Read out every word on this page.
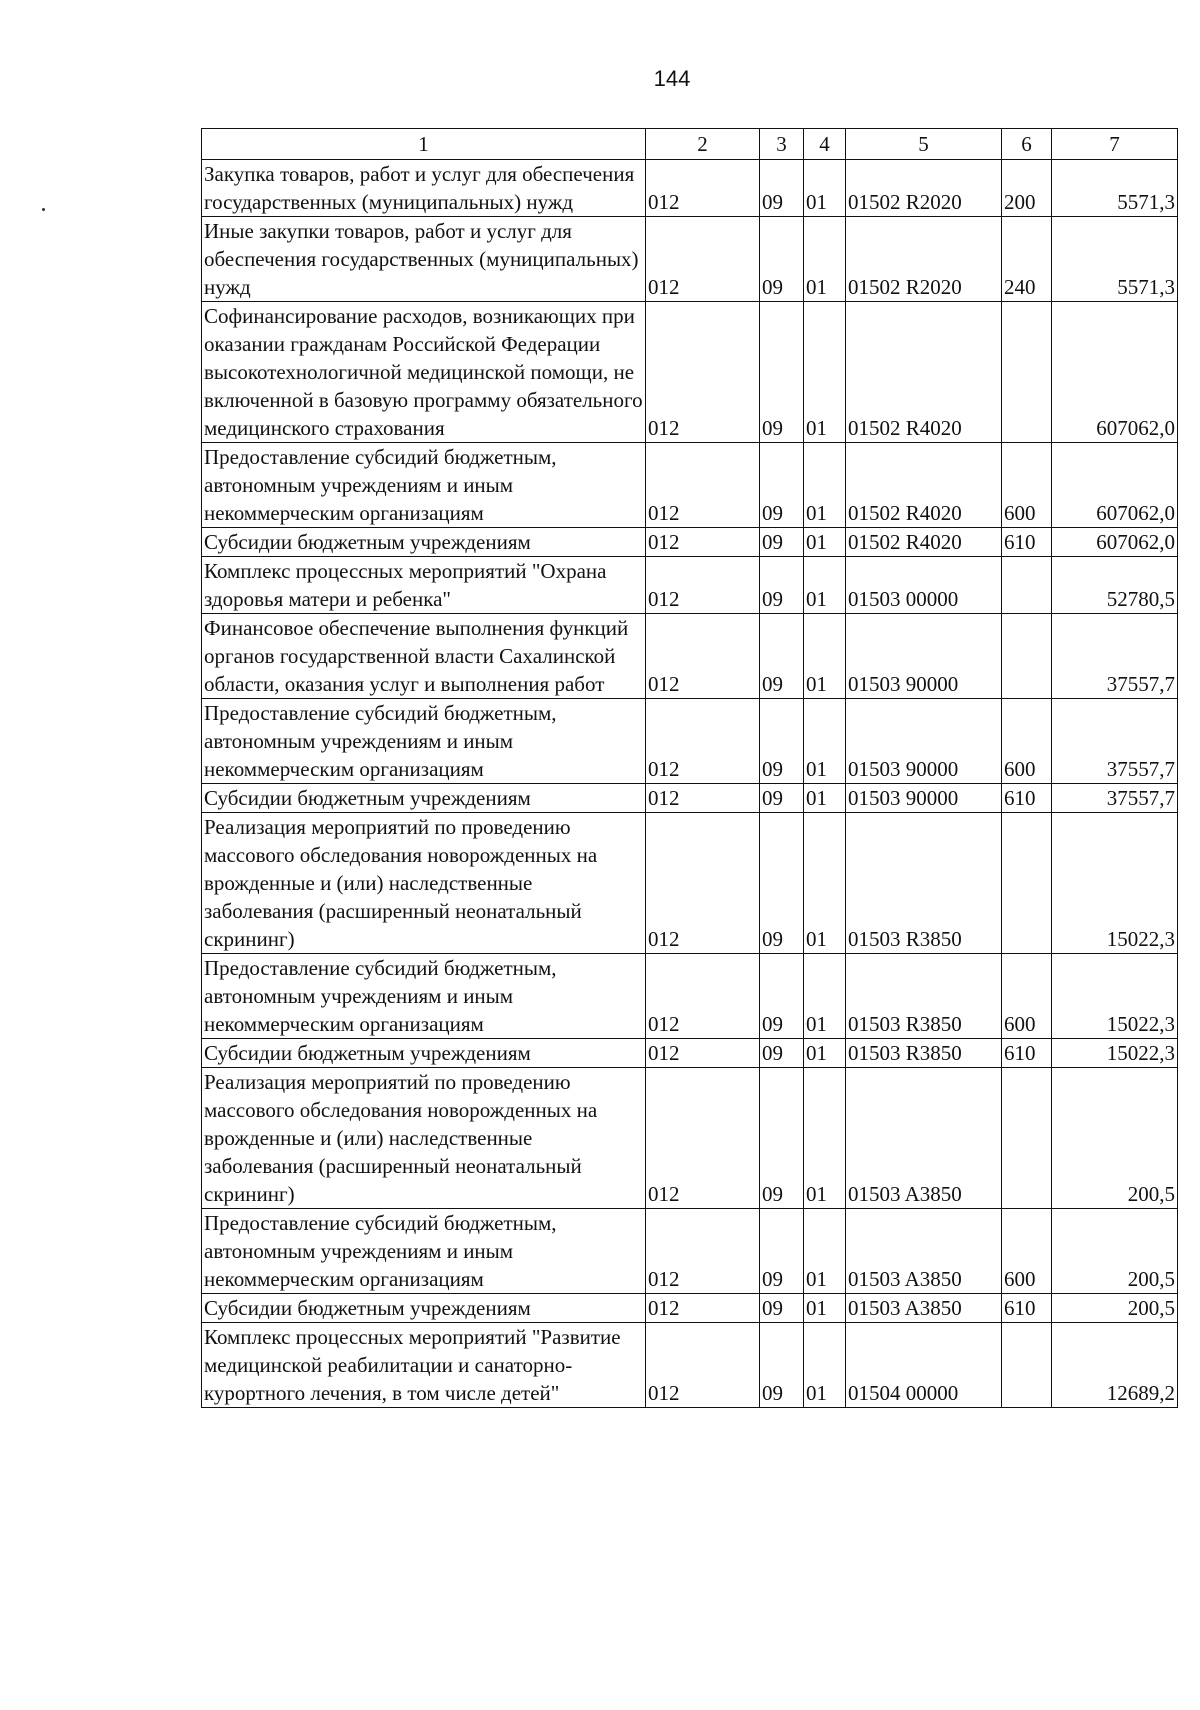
144
1	2	3	4	5	6	7
Закупка товаров, работ и услуг для обеспечения государственных (муниципальных) нужд	012	09	01	01502 R2020	200	5571,3
Иные закупки товаров, работ и услуг для обеспечения государственных (муниципальных) нужд	012	09	01	01502 R2020	240	5571,3
Софинансирование расходов, возникающих при оказании гражданам Российской Федерации высокотехнологичной медицинской помощи, не включенной в базовую программу обязательного медицинского страхования	012	09	01	01502 R4020		607062,0
Предоставление субсидий бюджетным, автономным учреждениям и иным некоммерческим организациям	012	09	01	01502 R4020	600	607062,0
Субсидии бюджетным учреждениям	012	09	01	01502 R4020	610	607062,0
Комплекс процессных мероприятий "Охрана здоровья матери и ребенка"	012	09	01	01503 00000		52780,5
Финансовое обеспечение выполнения функций органов государственной власти Сахалинской области, оказания услуг и выполнения работ	012	09	01	01503 90000		37557,7
Предоставление субсидий бюджетным, автономным учреждениям и иным некоммерческим организациям	012	09	01	01503 90000	600	37557,7
Субсидии бюджетным учреждениям	012	09	01	01503 90000	610	37557,7
Реализация мероприятий по проведению массового обследования новорожденных на врожденные и (или) наследственные заболевания (расширенный неонатальный скрининг)	012	09	01	01503 R3850		15022,3
Предоставление субсидий бюджетным, автономным учреждениям и иным некоммерческим организациям	012	09	01	01503 R3850	600	15022,3
Субсидии бюджетным учреждениям	012	09	01	01503 R3850	610	15022,3
Реализация мероприятий по проведению массового обследования новорожденных на врожденные и (или) наследственные заболевания (расширенный неонатальный скрининг)	012	09	01	01503 A3850		200,5
Предоставление субсидий бюджетным, автономным учреждениям и иным некоммерческим организациям	012	09	01	01503 A3850	600	200,5
Субсидии бюджетным учреждениям	012	09	01	01503 A3850	610	200,5
Комплекс процессных мероприятий "Развитие медицинской реабилитации и санаторно-курортного лечения, в том числе детей"	012	09	01	01504 00000		12689,2
